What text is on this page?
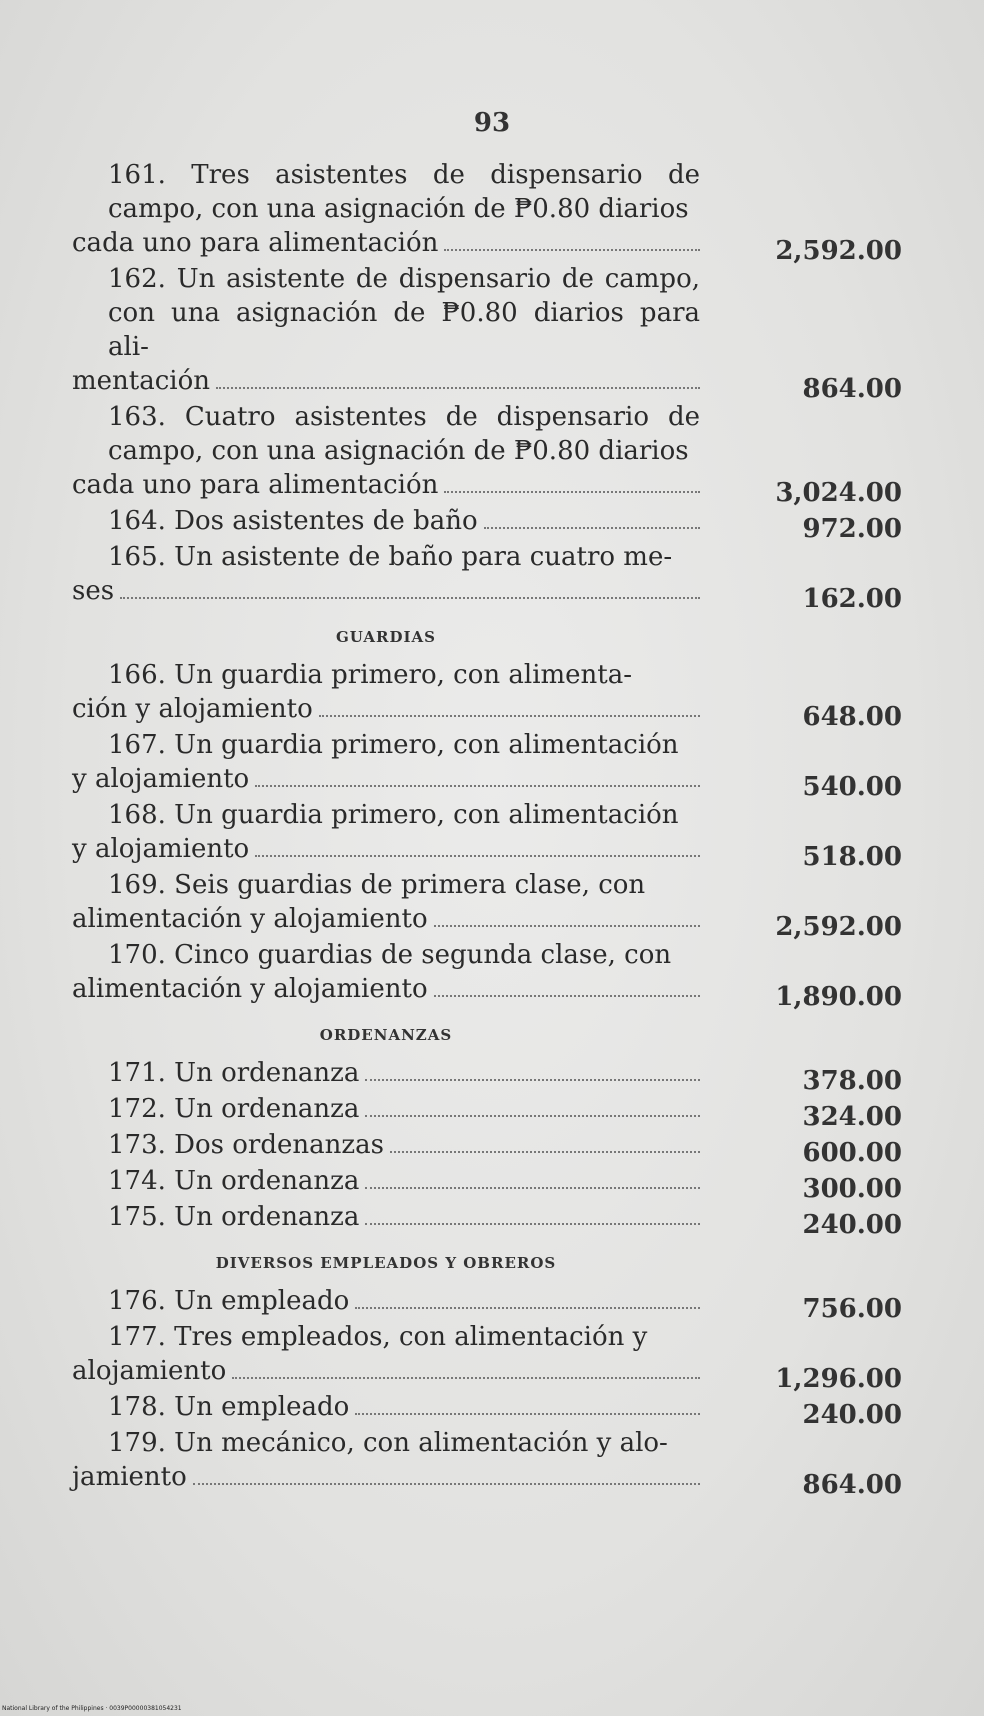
93
161. Tres asistentes de dispensario de campo, con una asignación de ₱0.80 diarios
cada uno para alimentación	2,592.00
162. Un asistente de dispensario de campo, con una asignación de ₱0.80 diarios para ali-
mentación	864.00
163. Cuatro asistentes de dispensario de campo, con una asignación de ₱0.80 diarios
cada uno para alimentación	3,024.00
164. Dos asistentes de baño	972.00
165. Un asistente de baño para cuatro me-
ses	162.00
GUARDIAS
166. Un guardia primero, con alimenta-
ción y alojamiento	648.00
167. Un guardia primero, con alimentación
y alojamiento	540.00
168. Un guardia primero, con alimentación
y alojamiento	518.00
169. Seis guardias de primera clase, con
alimentación y alojamiento	2,592.00
170. Cinco guardias de segunda clase, con
alimentación y alojamiento	1,890.00
ORDENANZAS
171. Un ordenanza	378.00
172. Un ordenanza	324.00
173. Dos ordenanzas	600.00
174. Un ordenanza	300.00
175. Un ordenanza	240.00
DIVERSOS EMPLEADOS Y OBREROS
176. Un empleado	756.00
177. Tres empleados, con alimentación y
alojamiento	1,296.00
178. Un empleado	240.00
179. Un mecánico, con alimentación y alo-
jamiento	864.00
National Library of the Philippines · 0039P00000381054231
